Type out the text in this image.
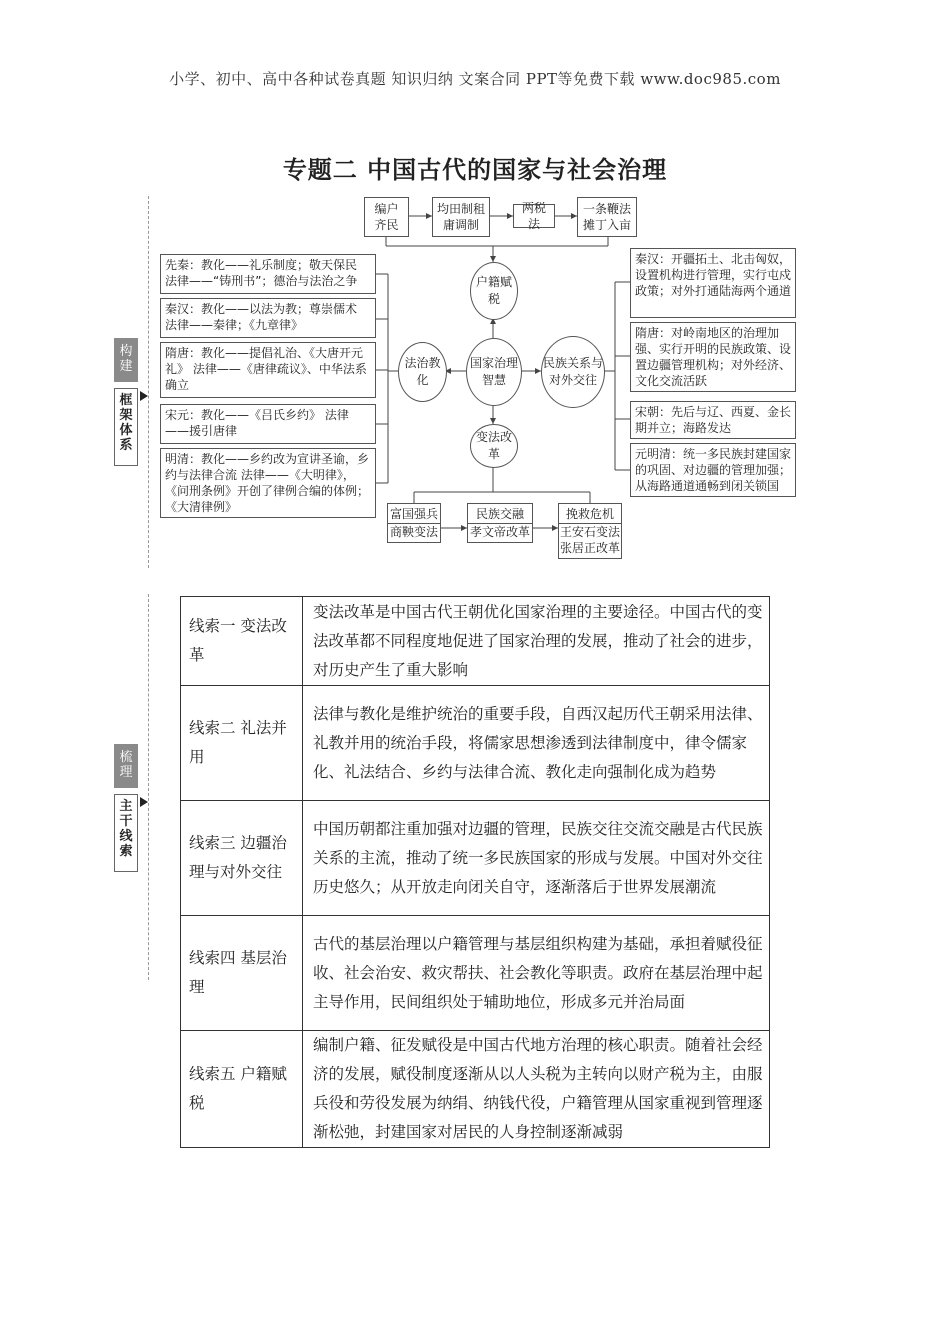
小学、初中、高中各种试卷真题 知识归纳 文案合同 PPT等免费下载 www.doc985.com
专题二 中国古代的国家与社会治理
构建
框架体系
梳理
主干线索
编户齐民
均田制租庸调制
两税法
一条鞭法摊丁入亩
户籍赋税
法治教化
国家治理智慧
民族关系与对外交往
变法改革
先秦：教化——礼乐制度；敬天保民 法律——“铸刑书”；德治与法治之争
秦汉：教化——以法为教；尊崇儒术 法律——秦律；《九章律》
隋唐：教化——提倡礼治、《大唐开元礼》 法律——《唐律疏议》、中华法系确立
宋元：教化——《吕氏乡约》 法律——援引唐律
明清：教化——乡约改为宣讲圣谕，乡约与法律合流 法律——《大明律》，《问刑条例》开创了律例合编的体例；《大清律例》
秦汉：开疆拓土、北击匈奴，设置机构进行管理，实行屯戍政策；对外打通陆海两个通道
隋唐：对岭南地区的治理加强、实行开明的民族政策、设置边疆管理机构；对外经济、文化交流活跃
宋朝：先后与辽、西夏、金长期并立；海路发达
元明清：统一多民族封建国家的巩固、对边疆的管理加强；从海路通道通畅到闭关锁国
富国强兵
商鞅变法
民族交融
孝文帝改革
挽救危机
王安石变法 张居正改革
线索一 变法改革	变法改革是中国古代王朝优化国家治理的主要途径。中国古代的变法改革都不同程度地促进了国家治理的发展，推动了社会的进步，对历史产生了重大影响
线索二 礼法并用	法律与教化是维护统治的重要手段，自西汉起历代王朝采用法律、礼教并用的统治手段，将儒家思想渗透到法律制度中，律令儒家化、礼法结合、乡约与法律合流、教化走向强制化成为趋势
线索三 边疆治理与对外交往	中国历朝都注重加强对边疆的管理，民族交往交流交融是古代民族关系的主流，推动了统一多民族国家的形成与发展。中国对外交往历史悠久；从开放走向闭关自守，逐渐落后于世界发展潮流
线索四 基层治理	古代的基层治理以户籍管理与基层组织构建为基础，承担着赋役征收、社会治安、救灾帮扶、社会教化等职责。政府在基层治理中起主导作用，民间组织处于辅助地位，形成多元并治局面
线索五 户籍赋税	编制户籍、征发赋役是中国古代地方治理的核心职责。随着社会经济的发展，赋役制度逐渐从以人头税为主转向以财产税为主，由服兵役和劳役发展为纳绢、纳钱代役，户籍管理从国家重视到管理逐渐松弛，封建国家对居民的人身控制逐渐减弱
